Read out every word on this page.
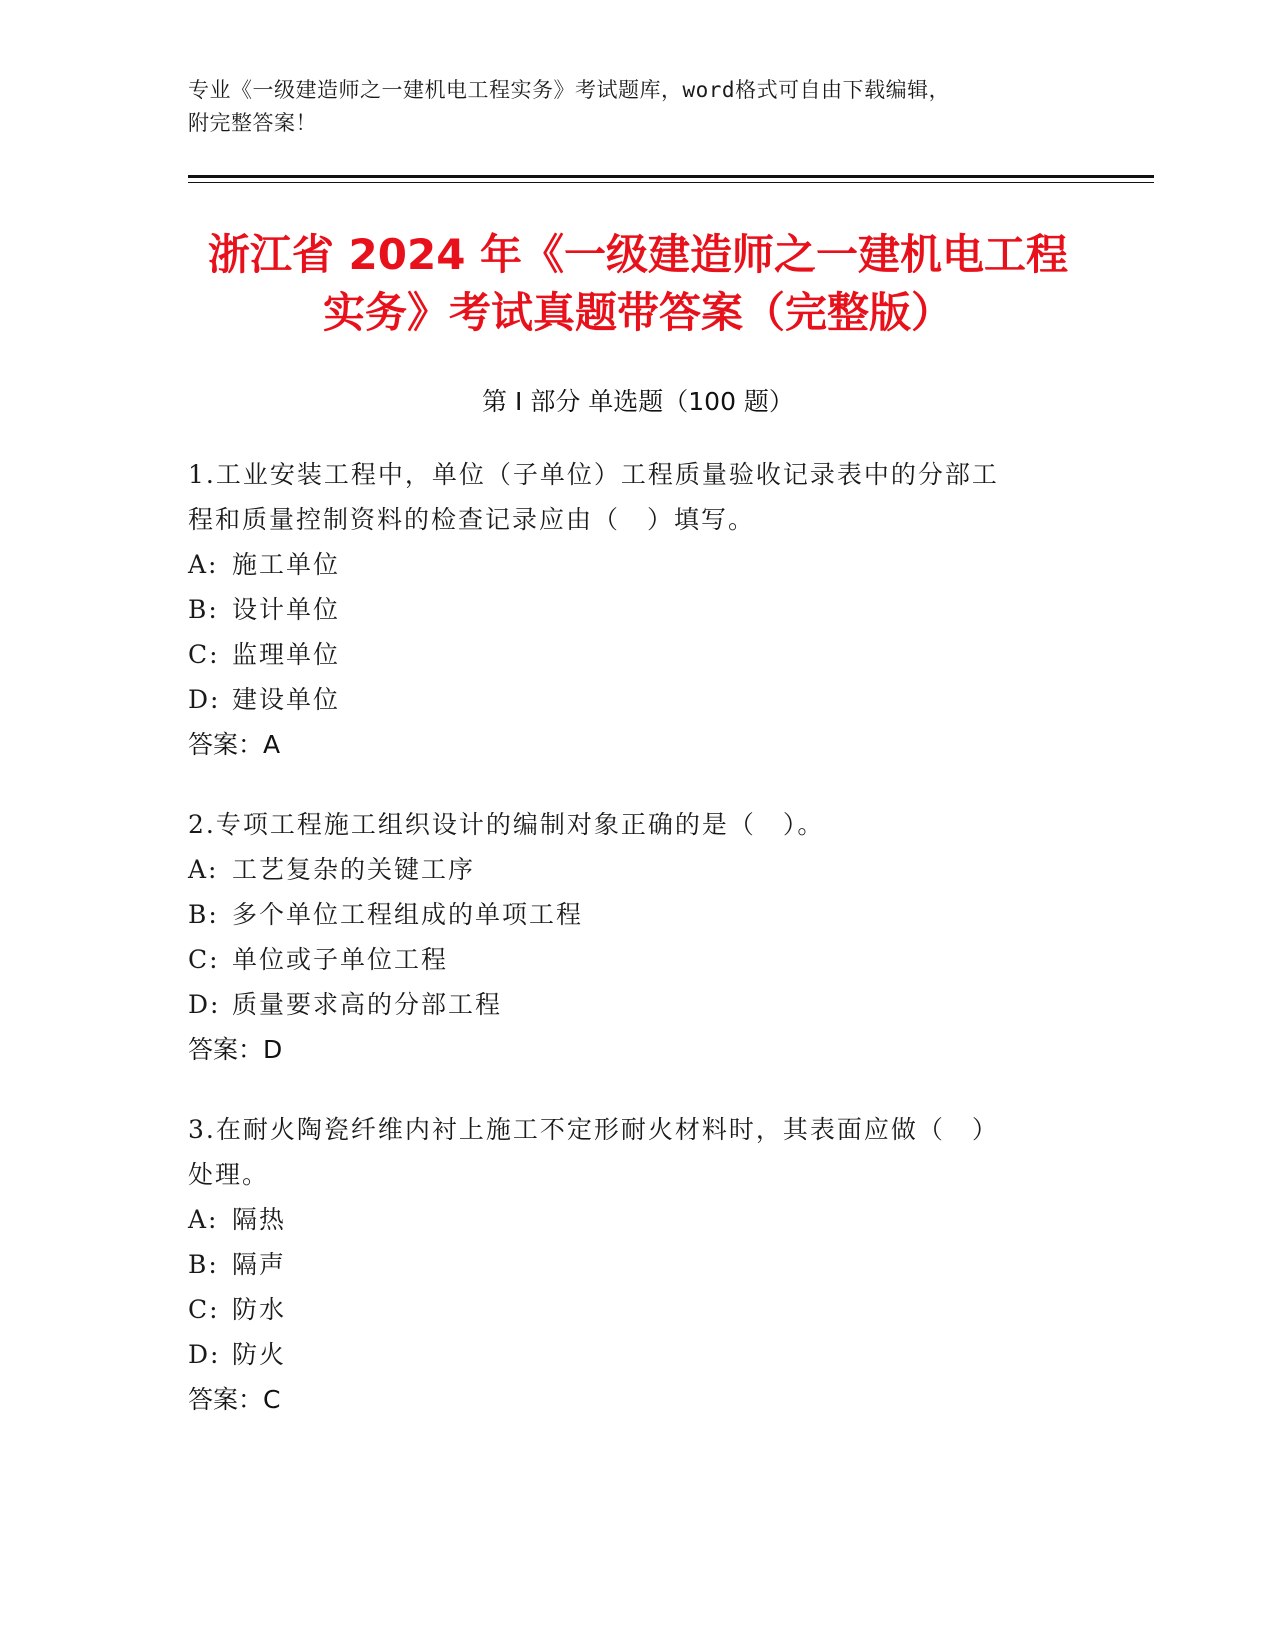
专业《一级建造师之一建机电工程实务》考试题库，word格式可自由下载编辑，
附完整答案！
浙江省 2024 年《一级建造师之一建机电工程
实务》考试真题带答案（完整版）
第 I 部分 单选题（100 题）
1.工业安装工程中，单位（子单位）工程质量验收记录表中的分部工
程和质量控制资料的检查记录应由（　）填写。
A: 施工单位
B: 设计单位
C: 监理单位
D: 建设单位
答案：A
2.专项工程施工组织设计的编制对象正确的是（　）。
A: 工艺复杂的关键工序
B: 多个单位工程组成的单项工程
C: 单位或子单位工程
D: 质量要求高的分部工程
答案：D
3.在耐火陶瓷纤维内衬上施工不定形耐火材料时，其表面应做（　）
处理。
A: 隔热
B: 隔声
C: 防水
D: 防火
答案：C
